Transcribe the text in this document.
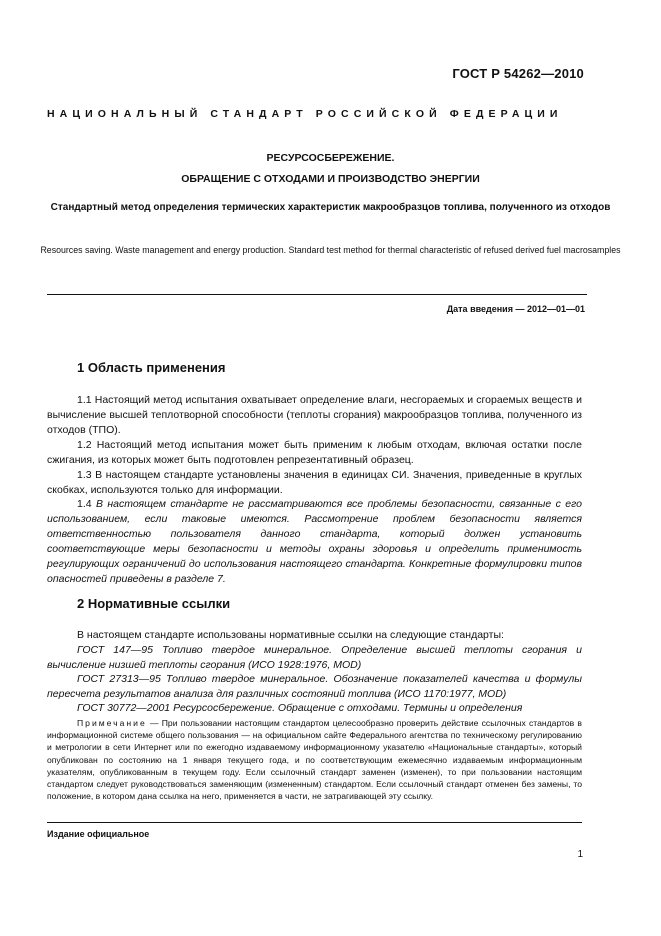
ГОСТ Р 54262—2010
НАЦИОНАЛЬНЫЙ СТАНДАРТ РОССИЙСКОЙ ФЕДЕРАЦИИ
РЕСУРСОСБЕРЕЖЕНИЕ.
ОБРАЩЕНИЕ С ОТХОДАМИ И ПРОИЗВОДСТВО ЭНЕРГИИ
Стандартный метод определения термических характеристик макрообразцов топлива, полученного из отходов
Resources saving. Waste management and energy production. Standard test method for thermal characteristic of refused derived fuel macrosamples
Дата введения — 2012—01—01
1 Область применения

1.1 Настоящий метод испытания охватывает определение влаги, несгораемых и сгораемых веществ и вычисление высшей теплотворной способности (теплоты сгорания) макрообразцов топлива, полученного из отходов (ТПО).

1.2 Настоящий метод испытания может быть применим к любым отходам, включая остатки после сжигания, из которых может быть подготовлен репрезентативный образец.

1.3 В настоящем стандарте установлены значения в единицах СИ. Значения, приведенные в круглых скобках, используются только для информации.

1.4 В настоящем стандарте не рассматриваются все проблемы безопасности, связанные с его использованием, если таковые имеются. Рассмотрение проблем безопасности является ответственностью пользователя данного стандарта, который должен установить соответствующие меры безопасности и методы охраны здоровья и определить применимость регулирующих ограничений до использования настоящего стандарта. Конкретные формулировки типов опасностей приведены в разделе 7.

2 Нормативные ссылки

В настоящем стандарте использованы нормативные ссылки на следующие стандарты:

ГОСТ 147—95 Топливо твердое минеральное. Определение высшей теплоты сгорания и вычисление низшей теплоты сгорания (ИСО 1928:1976, MOD)

ГОСТ 27313—95 Топливо твердое минеральное. Обозначение показателей качества и формулы пересчета результатов анализа для различных состояний топлива (ИСО 1170:1977, MOD)

ГОСТ 30772—2001 Ресурсосбережение. Обращение с отходами. Термины и определения

Примечание — При пользовании настоящим стандартом целесообразно проверить действие ссылочных стандартов в информационной системе общего пользования — на официальном сайте Федерального агентства по техническому регулированию и метрологии в сети Интернет или по ежегодно издаваемому информационному указателю «Национальные стандарты», который опубликован по состоянию на 1 января текущего года, и по соответствующим ежемесячно издаваемым информационным указателям, опубликованным в текущем году. Если ссылочный стандарт заменен (изменен), то при пользовании настоящим стандартом следует руководствоваться заменяющим (измененным) стандартом. Если ссылочный стандарт отменен без замены, то положение, в котором дана ссылка на него, применяется в части, не затрагивающей эту ссылку.
Издание официальное
1
